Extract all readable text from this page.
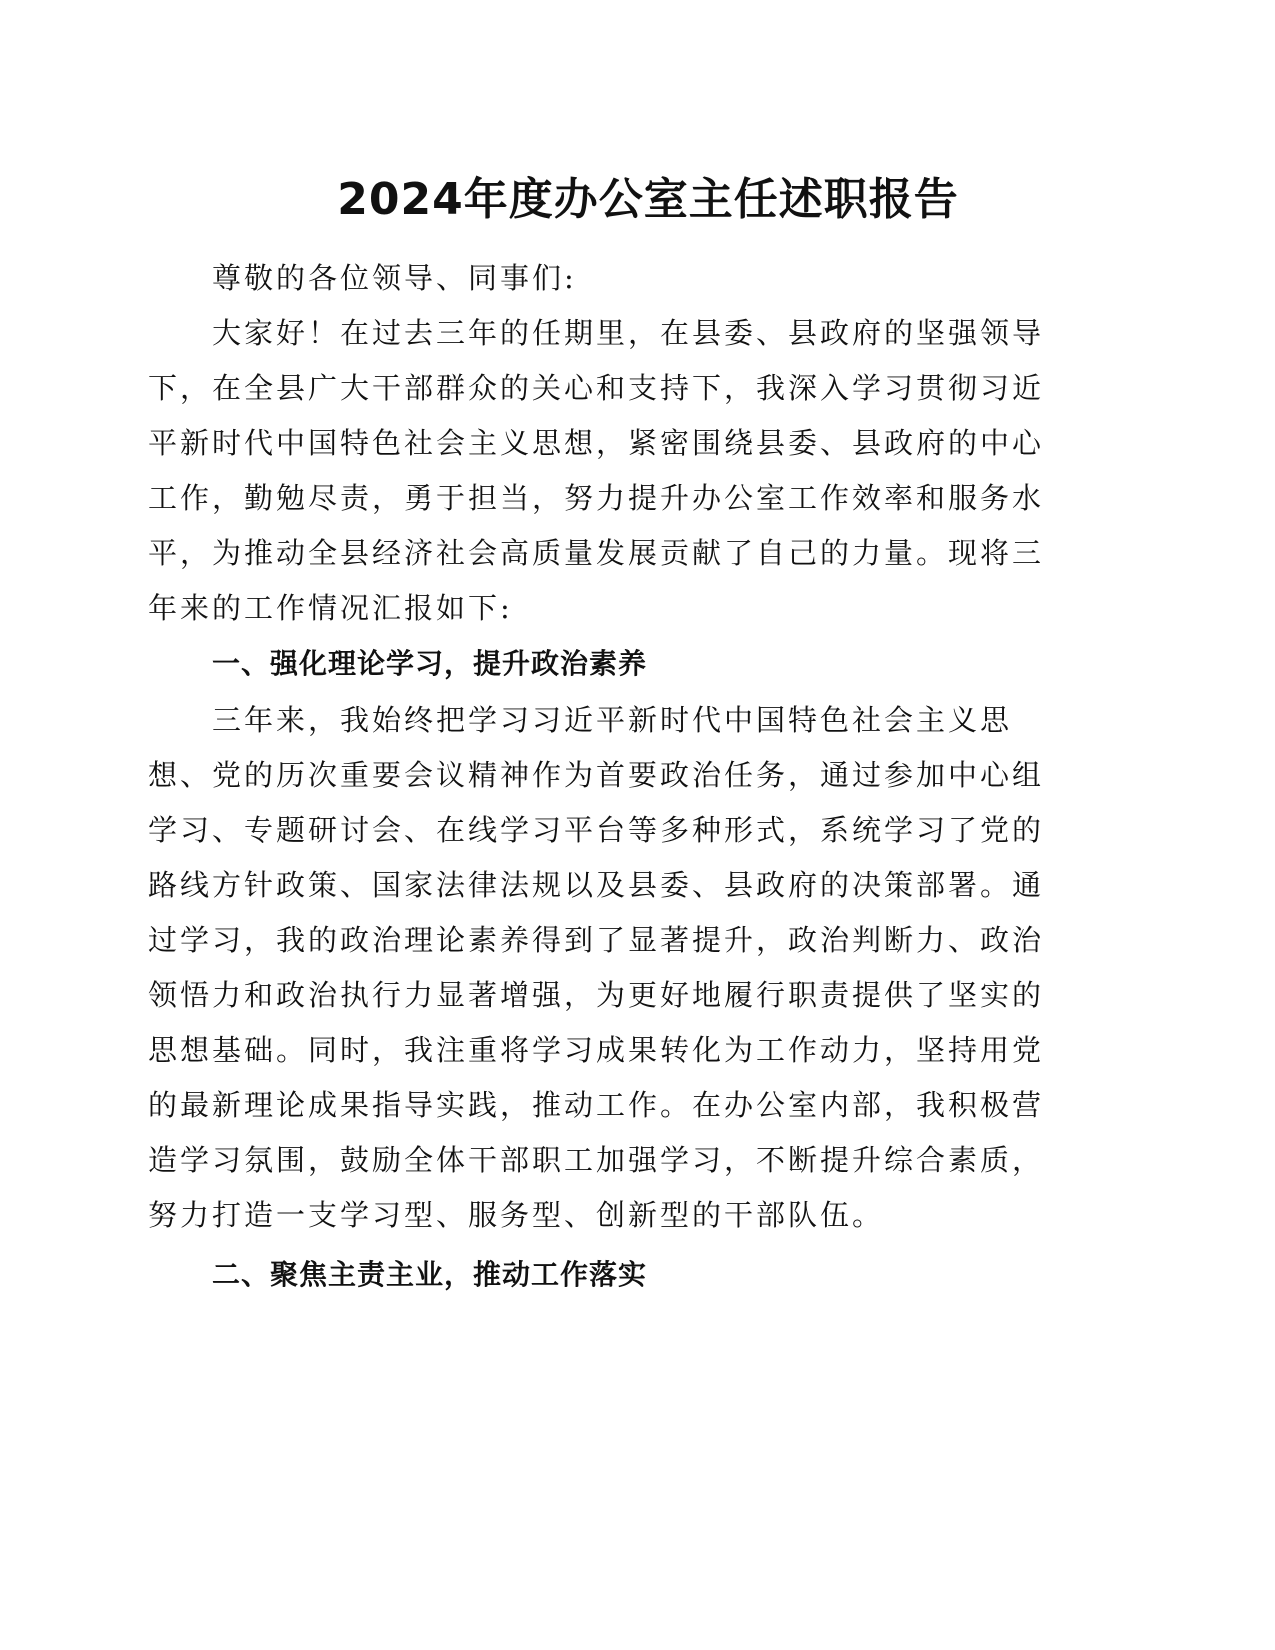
2024年度办公室主任述职报告
尊敬的各位领导、同事们:
大家好！在过去三年的任期里，在县委、县政府的坚强领导
下，在全县广大干部群众的关心和支持下，我深入学习贯彻习近
平新时代中国特色社会主义思想，紧密围绕县委、县政府的中心
工作，勤勉尽责，勇于担当，努力提升办公室工作效率和服务水
平，为推动全县经济社会高质量发展贡献了自己的力量。现将三
年来的工作情况汇报如下:
一、强化理论学习，提升政治素养
三年来，我始终把学习习近平新时代中国特色社会主义思
想、党的历次重要会议精神作为首要政治任务，通过参加中心组
学习、专题研讨会、在线学习平台等多种形式，系统学习了党的
路线方针政策、国家法律法规以及县委、县政府的决策部署。通
过学习，我的政治理论素养得到了显著提升，政治判断力、政治
领悟力和政治执行力显著增强，为更好地履行职责提供了坚实的
思想基础。同时，我注重将学习成果转化为工作动力，坚持用党
的最新理论成果指导实践，推动工作。在办公室内部，我积极营
造学习氛围，鼓励全体干部职工加强学习，不断提升综合素质，
努力打造一支学习型、服务型、创新型的干部队伍。
二、聚焦主责主业，推动工作落实
